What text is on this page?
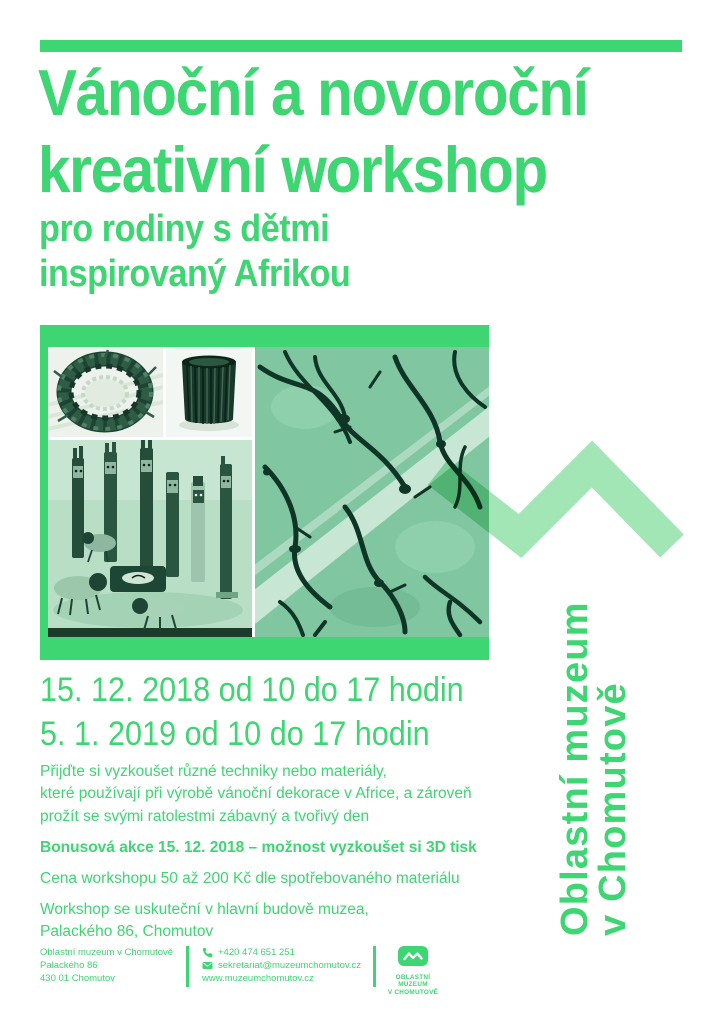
Vánoční a novoroční
kreativní workshop
pro rodiny s dětmi
inspirovaný Afrikou
Oblastní muzeum
v Chomutově
15. 12. 2018 od 10 do 17 hodin
5. 1. 2019 od 10 do 17 hodin

Přijďte si vyzkoušet různé techniky nebo materiály,
které používají při výrobě vánoční dekorace v Africe, a zároveň
prožít se svými ratolestmi zábavný a tvořivý den

Bonusová akce 15. 12. 2018 – možnost vyzkoušet si 3D tisk

Cena workshopu 50 až 200 Kč dle spotřebovaného materiálu

Workshop se uskuteční v hlavní budově muzea,
Palackého 86, Chomutov

Oblastní muzeum v Chomutově
Palackého 86
430 01 Chomutov
+420 474 651 251
sekretariat@muzeumchomutov.cz
www.muzeumchomutov.cz	OBLASTNÍ MUZEUM
V CHOMUTOVĚ
